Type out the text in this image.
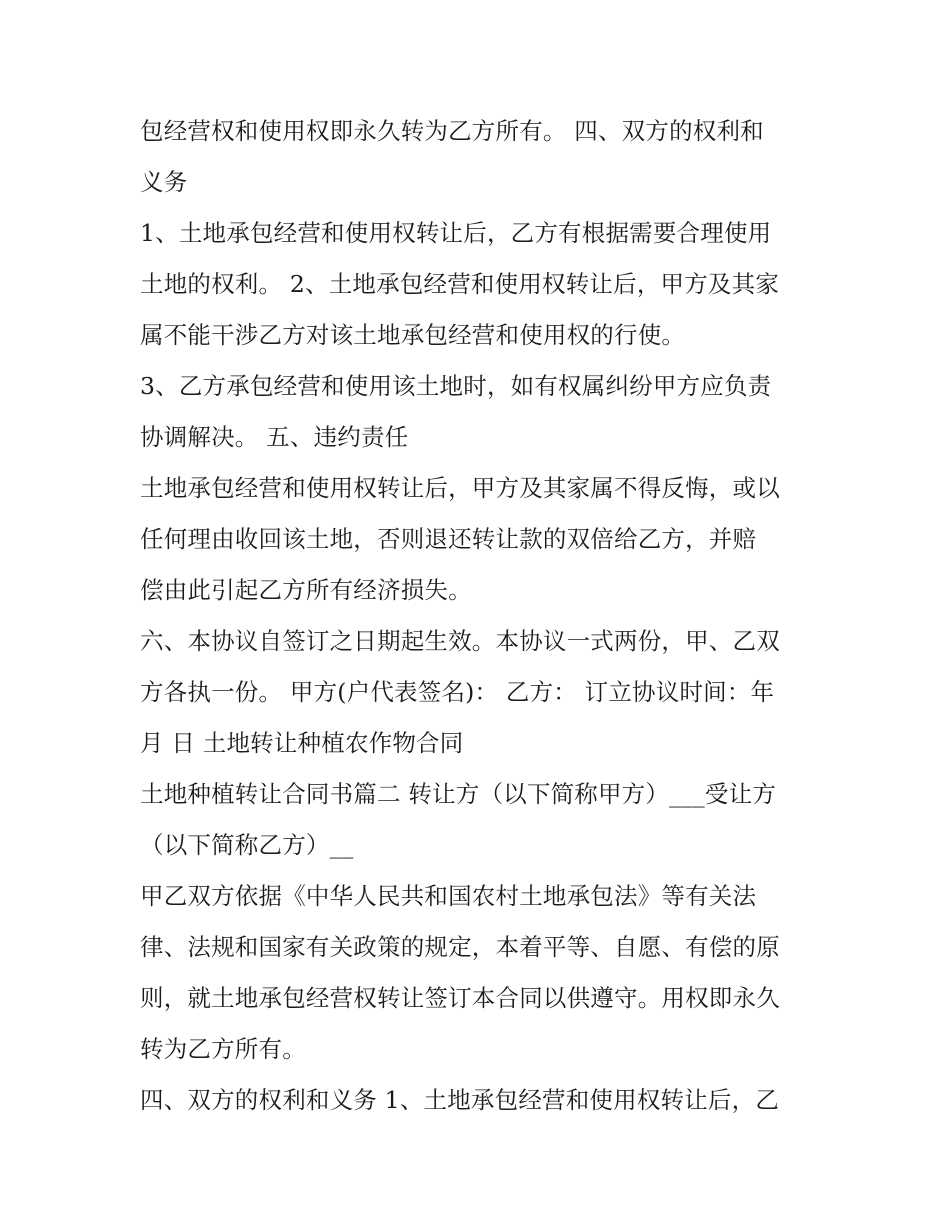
包经营权和使用权即永久转为乙方所有。 四、双方的权利和
义务
1、土地承包经营和使用权转让后，乙方有根据需要合理使用
土地的权利。 2、土地承包经营和使用权转让后，甲方及其家
属不能干涉乙方对该土地承包经营和使用权的行使。
3、乙方承包经营和使用该土地时，如有权属纠纷甲方应负责
协调解决。 五、违约责任
土地承包经营和使用权转让后，甲方及其家属不得反悔，或以
任何理由收回该土地，否则退还转让款的双倍给乙方，并赔
偿由此引起乙方所有经济损失。
六、本协议自签订之日期起生效。本协议一式两份，甲、乙双
方各执一份。 甲方(户代表签名)： 乙方： 订立协议时间：年
月 日 土地转让种植农作物合同
土地种植转让合同书篇二 转让方（以下简称甲方）___受让方
（以下简称乙方）__
甲乙双方依据《中华人民共和国农村土地承包法》等有关法
律、法规和国家有关政策的规定，本着平等、自愿、有偿的原
则，就土地承包经营权转让签订本合同以供遵守。用权即永久
转为乙方所有。
四、双方的权利和义务 1、土地承包经营和使用权转让后，乙
